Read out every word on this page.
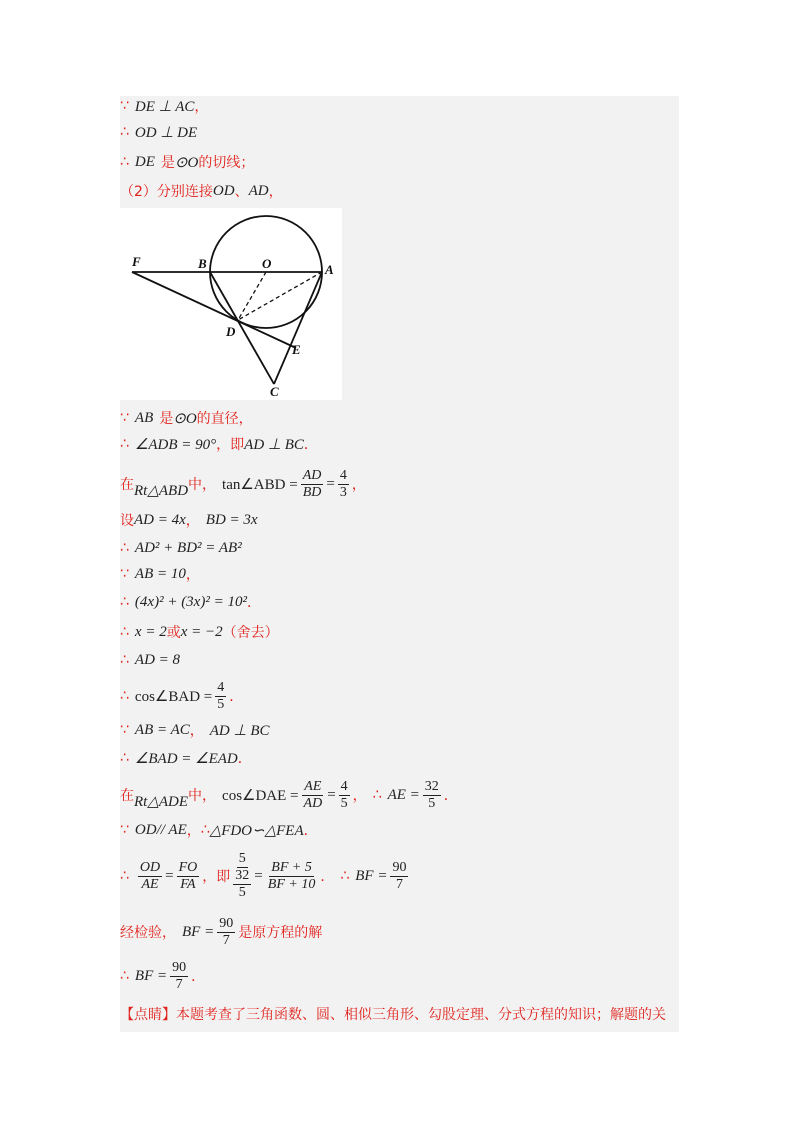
∵ DE ⊥ AC ，
∴ OD ⊥ DE
∴ DE 是 ⊙O 的切线；
（2）分别连接 OD 、 AD ，
F	B	O	A
D
E
C
∵ AB 是 ⊙O 的直径，
∴ ∠ADB = 90° ，即 AD ⊥ BC ．
在 Rt△ABD 中， tan∠ABD = $\frac{AD}{BD} = \frac{4}{3}$ ，
设 AD = 4x ， BD = 3x
∴ AD² + BD² = AB²
∵ AB = 10 ，
∴ (4x)² + (3x)² = 10² ．
∴ x = 2 或 x = −2 （舍去）
∴ AD = 8
∴ cos∠BAD = $\frac{4}{5}$ ．
∵ AB = AC ， AD ⊥ BC
∴ ∠BAD = ∠EAD ．
在 Rt△ADE 中， cos∠DAE = $\frac{AE}{AD} = \frac{4}{5}$ ， ∴ AE = $\frac{32}{5}$ ．
∵ OD// AE ， ∴ △FDO∽△FEA ．
∴ $\frac{OD}{AE} = \frac{FO}{FA}$ ，即
5
32
5
= $\frac{BF + 5}{BF + 10}$ ． ∴ BF = $\frac{90}{7}$
经检验， BF = $\frac{90}{7}$ 是原方程的解
∴ BF = $\frac{90}{7}$ ．
【点睛】本题考查了三角函数、圆、相似三角形、勾股定理、分式方程的知识；解题的关
